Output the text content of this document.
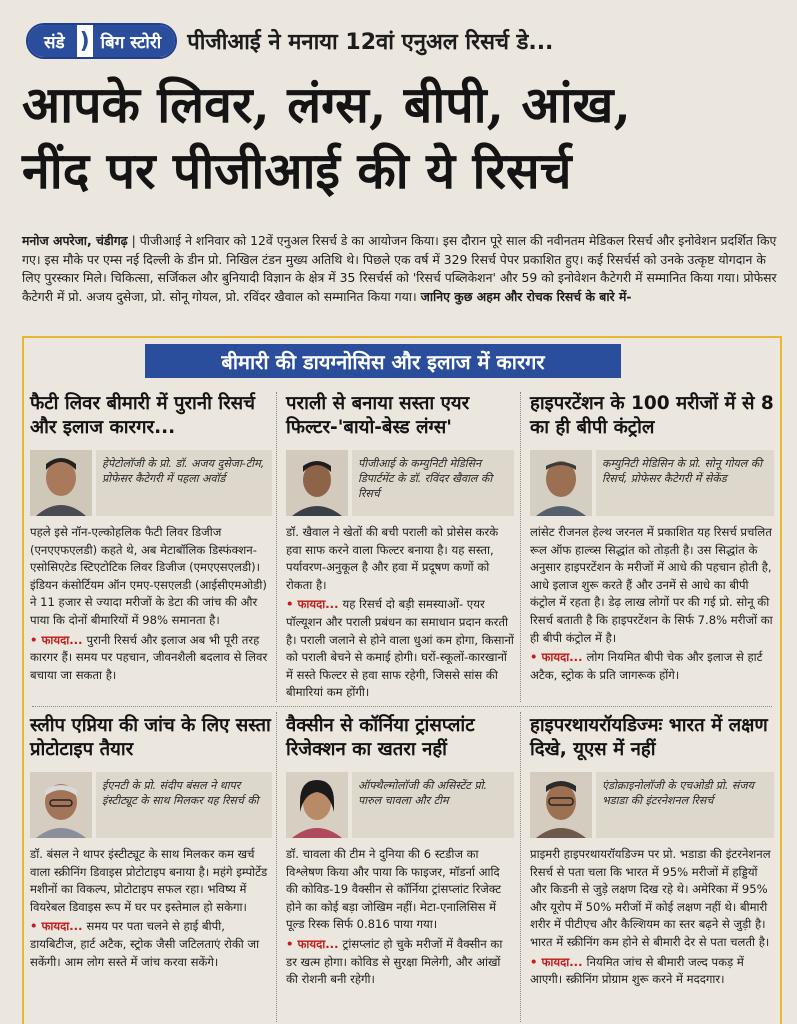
संडे ) बिग स्टोरी	पीजीआई ने मनाया 12वां एनुअल रिसर्च डे...
आपके लिवर, लंग्स, बीपी, आंख,
नींद पर पीजीआई की ये रिसर्च
मनोज अपरेजा, चंडीगढ़ | पीजीआई ने शनिवार को 12वें एनुअल रिसर्च डे का आयोजन किया। इस दौरान पूरे साल की नवीनतम मेडिकल रिसर्च और इनोवेशन प्रदर्शित किए गए। इस मौके पर एम्स नई दिल्ली के डीन प्रो. निखिल टंडन मुख्य अतिथि थे। पिछले एक वर्ष में 329 रिसर्च पेपर प्रकाशित हुए। कई रिसर्चर्स को उनके उत्कृष्ट योगदान के लिए पुरस्कार मिले। चिकित्सा, सर्जिकल और बुनियादी विज्ञान के क्षेत्र में 35 रिसर्चर्स को 'रिसर्च पब्लिकेशन' और 59 को इनोवेशन कैटेगरी में सम्मानित किया गया। प्रोफेसर कैटेगरी में प्रो. अजय दुसेजा, प्रो. सोनू गोयल, प्रो. रविंदर खैवाल को सम्मानित किया गया। जानिए कुछ अहम और रोचक रिसर्च के बारे में-
बीमारी की डायग्नोसिस और इलाज में कारगर
फैटी लिवर बीमारी में पुरानी रिसर्च और इलाज कारगर...
हेपेटोलॉजी के प्रो. डॉ. अजय दुसेजा-टीम, प्रोफेसर कैटेगरी में पहला अवॉर्ड
पहले इसे नॉन-एल्कोहलिक फैटी लिवर डिजीज (एनएएफएलडी) कहते थे, अब मेटाबॉलिक डिस्फंक्शन-एसोसिएटेड स्टिएटोटिक लिवर डिजीज (एमएएसएलडी)। इंडियन कंसोर्टियम ऑन एमए-एसएलडी (आईसीएमओडी) ने 11 हजार से ज्यादा मरीजों के डेटा की जांच की और पाया कि दोनों बीमारियों में 98% समानता है।
• फायदा... पुरानी रिसर्च और इलाज अब भी पूरी तरह कारगर हैं। समय पर पहचान, जीवनशैली बदलाव से लिवर बचाया जा सकता है।
पराली से बनाया सस्ता एयर फिल्टर-'बायो-बेस्ड लंग्स'
पीजीआई के कम्युनिटी मेडिसिन डिपार्टमेंट के डॉ. रविंदर खैवाल की रिसर्च
डॉ. खैवाल ने खेतों की बची पराली को प्रोसेस करके हवा साफ करने वाला फिल्टर बनाया है। यह सस्ता, पर्यावरण-अनुकूल है और हवा में प्रदूषण कणों को रोकता है।
• फायदा... यह रिसर्च दो बड़ी समस्याओं- एयर पॉल्यूशन और पराली प्रबंधन का समाधान प्रदान करती है। पराली जलाने से होने वाला धुआं कम होगा, किसानों को पराली बेचने से कमाई होगी। घरों-स्कूलों-कारखानों में सस्ते फिल्टर से हवा साफ रहेगी, जिससे सांस की बीमारियां कम होंगी।
हाइपरटेंशन के 100 मरीजों में से 8 का ही बीपी कंट्रोल
कम्युनिटी मेडिसिन के प्रो. सोनू गोयल की रिसर्च, प्रोफेसर कैटेगरी में सेकेंड
लांसेट रीजनल हेल्थ जरनल में प्रकाशित यह रिसर्च प्रचलित रूल ऑफ हाल्व्स सिद्धांत को तोड़ती है। उस सिद्धांत के अनुसार हाइपरटेंशन के मरीजों में आधे की पहचान होती है, आधे इलाज शुरू करते हैं और उनमें से आधे का बीपी कंट्रोल में रहता है। डेढ़ लाख लोगों पर की गई प्रो. सोनू की रिसर्च बताती है कि हाइपरटेंशन के सिर्फ 7.8% मरीजों का ही बीपी कंट्रोल में है।
• फायदा... लोग नियमित बीपी चेक और इलाज से हार्ट अटैक, स्ट्रोक के प्रति जागरूक होंगे।
स्लीप एप्निया की जांच के लिए सस्ता प्रोटोटाइप तैयार
ईएनटी के प्रो. संदीप बंसल ने थापर इंस्टीट्यूट के साथ मिलकर यह रिसर्च की
डॉ. बंसल ने थापर इंस्टीट्यूट के साथ मिलकर कम खर्च वाला स्क्रीनिंग डिवाइस प्रोटोटाइप बनाया है। महंगे इम्पोर्टेड मशीनों का विकल्प, प्रोटोटाइप सफल रहा। भविष्य में वियरेबल डिवाइस रूप में घर पर इस्तेमाल हो सकेगा।
• फायदा... समय पर पता चलने से हाई बीपी, डायबिटीज, हार्ट अटैक, स्ट्रोक जैसी जटिलताएं रोकी जा सकेंगी। आम लोग सस्ते में जांच करवा सकेंगे।
वैक्सीन से कॉर्निया ट्रांसप्लांट रिजेक्शन का खतरा नहीं
ऑफ्थैल्मोलॉजी की असिस्टेंट प्रो. पारुल चावला और टीम
डॉ. चावला की टीम ने दुनिया की 6 स्टडीज का विश्लेषण किया और पाया कि फाइजर, मॉडर्ना आदि की कोविड-19 वैक्सीन से कॉर्निया ट्रांसप्लांट रिजेक्ट होने का कोई बड़ा जोखिम नहीं। मेटा-एनालिसिस में पूल्ड रिस्क सिर्फ 0.816 पाया गया।
• फायदा... ट्रांसप्लांट हो चुके मरीजों में वैक्सीन का डर खत्म होगा। कोविड से सुरक्षा मिलेगी, और आंखों की रोशनी बनी रहेगी।
हाइपरथायरॉयडिज्मः भारत में लक्षण दिखे, यूएस में नहीं
एंडोक्राइनोलॉजी के एचओडी प्रो. संजय भडाडा की इंटरनेशनल रिसर्च
प्राइमरी हाइपरथायरॉयडिज्म पर प्रो. भडाडा की इंटरनेशनल रिसर्च से पता चला कि भारत में 95% मरीजों में हड्डियों और किडनी से जुड़े लक्षण दिख रहे थे। अमेरिका में 95% और यूरोप में 50% मरीजों में कोई लक्षण नहीं थे। बीमारी शरीर में पीटीएच और कैल्शियम का स्तर बढ़ने से जुड़ी है। भारत में स्क्रीनिंग कम होने से बीमारी देर से पता चलती है।
• फायदा... नियमित जांच से बीमारी जल्द पकड़ में आएगी। स्क्रीनिंग प्रोग्राम शुरू करने में मददगार।
